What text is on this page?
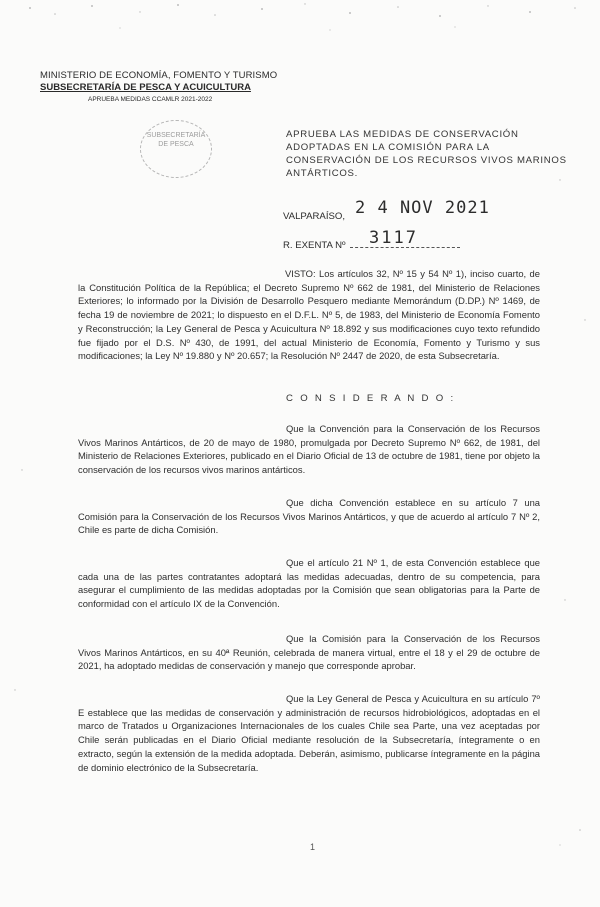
MINISTERIO DE ECONOMÍA, FOMENTO Y TURISMO
SUBSECRETARÍA DE PESCA Y ACUICULTURA
APRUEBA MEDIDAS CCAMLR 2021-2022
SUBSECRETARÍA
DE PESCA
APRUEBA LAS MEDIDAS DE CONSERVACIÓN ADOPTADAS EN LA COMISIÓN PARA LA CONSERVACIÓN DE LOS RECURSOS VIVOS MARINOS ANTÁRTICOS.
VALPARAÍSO, 2 4 NOV 2021
R. EXENTA Nº	3117
VISTO: Los artículos 32, Nº 15 y 54 Nº 1), inciso cuarto, de la Constitución Política de la República; el Decreto Supremo Nº 662 de 1981, del Ministerio de Relaciones Exteriores; lo informado por la División de Desarrollo Pesquero mediante Memorándum (D.DP.) Nº 1469, de fecha 19 de noviembre de 2021; lo dispuesto en el D.F.L. Nº 5, de 1983, del Ministerio de Economía Fomento y Reconstrucción; la Ley General de Pesca y Acuicultura Nº 18.892 y sus modificaciones cuyo texto refundido fue fijado por el D.S. Nº 430, de 1991, del actual Ministerio de Economía, Fomento y Turismo y sus modificaciones; la Ley Nº 19.880 y Nº 20.657; la Resolución Nº 2447 de 2020, de esta Subsecretaría.
C O N S I D E R A N D O :
Que la Convención para la Conservación de los Recursos Vivos Marinos Antárticos, de 20 de mayo de 1980, promulgada por Decreto Supremo Nº 662, de 1981, del Ministerio de Relaciones Exteriores, publicado en el Diario Oficial de 13 de octubre de 1981, tiene por objeto la conservación de los recursos vivos marinos antárticos.
Que dicha Convención establece en su artículo 7 una Comisión para la Conservación de los Recursos Vivos Marinos Antárticos, y que de acuerdo al artículo 7 Nº 2, Chile es parte de dicha Comisión.
Que el artículo 21 Nº 1, de esta Convención establece que cada una de las partes contratantes adoptará las medidas adecuadas, dentro de su competencia, para asegurar el cumplimiento de las medidas adoptadas por la Comisión que sean obligatorias para la Parte de conformidad con el artículo IX de la Convención.
Que la Comisión para la Conservación de los Recursos Vivos Marinos Antárticos, en su 40ª Reunión, celebrada de manera virtual, entre el 18 y el 29 de octubre de 2021, ha adoptado medidas de conservación y manejo que corresponde aprobar.
Que la Ley General de Pesca y Acuicultura en su artículo 7º E establece que las medidas de conservación y administración de recursos hidrobiológicos, adoptadas en el marco de Tratados u Organizaciones Internacionales de los cuales Chile sea Parte, una vez aceptadas por Chile serán publicadas en el Diario Oficial mediante resolución de la Subsecretaría, íntegramente o en extracto, según la extensión de la medida adoptada. Deberán, asimismo, publicarse íntegramente en la página de dominio electrónico de la Subsecretaría.
1
